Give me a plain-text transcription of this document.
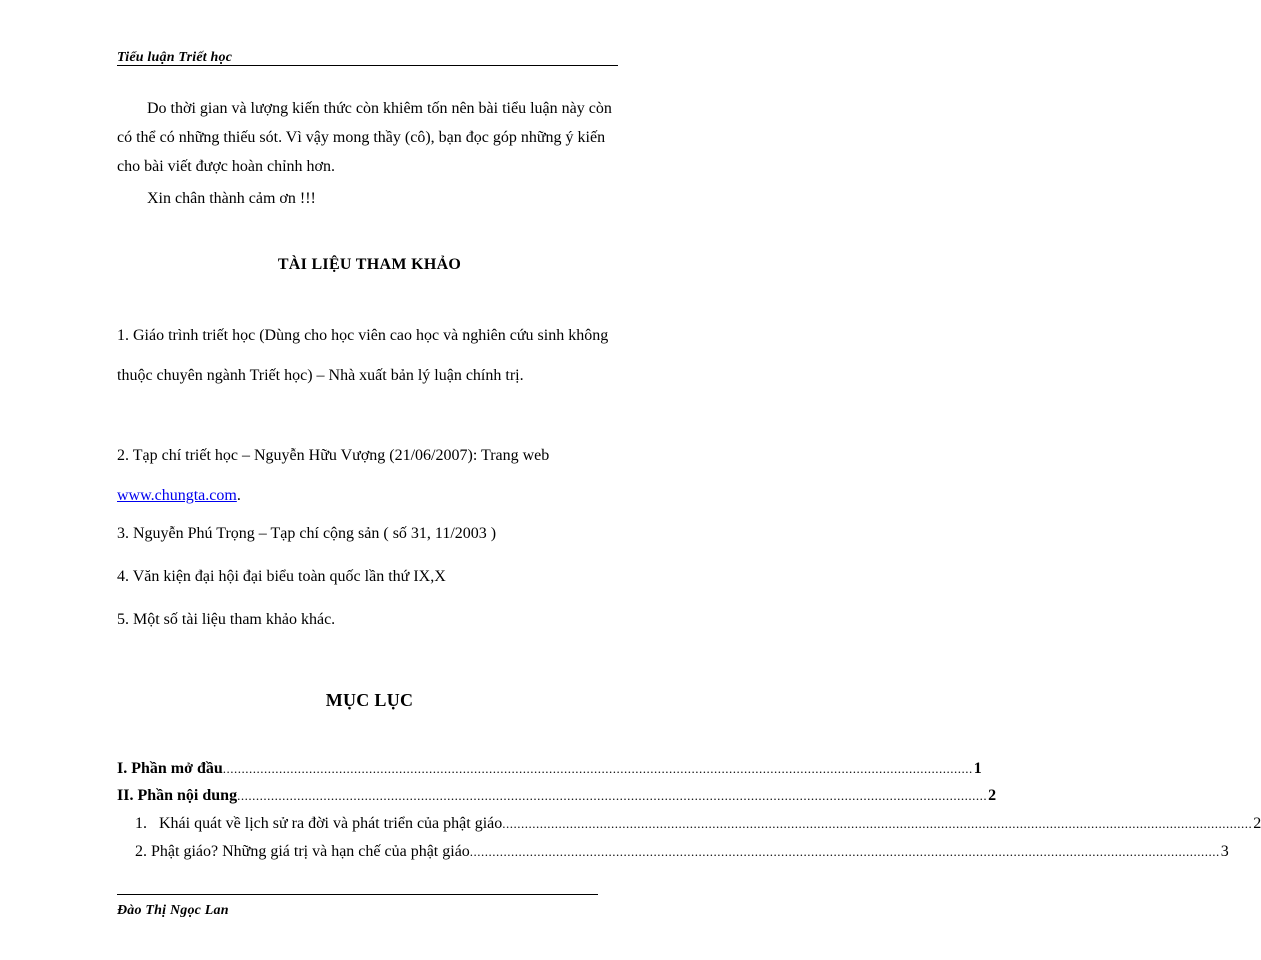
Tiểu luận Triết học
Do thời gian và lượng kiến thức còn khiêm tốn nên bài tiểu luận này còn có thể có những thiếu sót. Vì vậy mong thầy (cô), bạn đọc góp những ý kiến cho bài viết được hoàn chỉnh hơn.
Xin chân thành cảm ơn !!!
TÀI LIỆU THAM KHẢO
1. Giáo trình triết học (Dùng cho học viên cao học và nghiên cứu sinh không thuộc chuyên ngành Triết học) – Nhà xuất bản lý luận chính trị.
2. Tạp chí triết học – Nguyễn Hữu Vượng (21/06/2007): Trang web www.chungta.com.
3. Nguyễn Phú Trọng – Tạp chí cộng sản ( số 31, 11/2003 )
4. Văn kiện đại hội đại biểu toàn quốc lần thứ IX,X
5. Một số tài liệu tham khảo khác.
MỤC LỤC
I. Phần mở đầu ........................................................................................................................................................................................................ 1
II. Phần nội dung ........................................................................................................................................................................................................ 2
1. Khái quát về lịch sử ra đời và phát triển của phật giáo ........................................................................................................................................................................................................ 2
2. Phật giáo? Những giá trị và hạn chế của phật giáo ........................................................................................................................................................................................................ 3
Đào Thị Ngọc Lan
